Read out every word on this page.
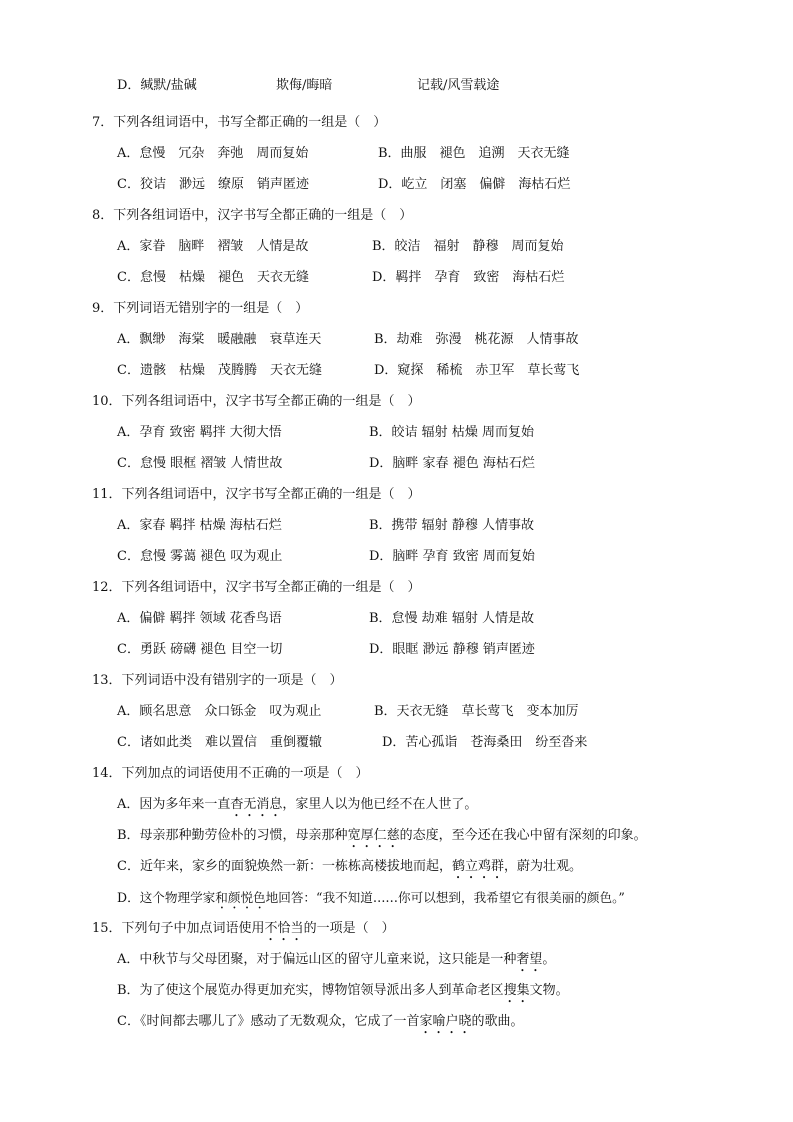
D．缄默/盐碱	欺侮/晦暗	记载/风雪载途
7．下列各组词语中，书写全都正确的一组是（　）
A．怠慢　冗杂　奔弛　周而复始	B．曲服　褪色　追溯　天衣无缝
C．狡诘　渺远　缭原　销声匿迹	D．屹立　闭塞　偏僻　海枯石烂
8．下列各组词语中，汉字书写全都正确的一组是（　）
A．家眷　脑畔　褶皱　人情是故	B．皎洁　福射　静穆　周而复始
C．怠慢　枯燥　褪色　天衣无缝	D．羁拌　孕育　致密　海枯石烂
9．下列词语无错别字的一组是（　）
A．飘缈　海棠　暖融融　衰草连天	B．劫难　弥漫　桃花源　人情事故
C．遗骸　枯燥　茂腾腾　天衣无缝	D．窥探　稀梳　赤卫军　草长莺飞
10．下列各组词语中，汉字书写全都正确的一组是（　）
A．孕育 致密 羁拌 大彻大悟	B．皎诘 辐射 枯燥 周而复始
C．怠慢 眼框 褶皱 人情世故	D．脑畔 家春 褪色 海枯石烂
11．下列各组词语中，汉字书写全都正确的一组是（　）
A．家春 羁拌 枯燥 海枯石烂	B．携带 辐射 静穆 人情事故
C．怠慢 雾蔼 褪色 叹为观止	D．脑畔 孕育 致密 周而复始
12．下列各组词语中，汉字书写全都正确的一组是（　）
A．偏僻 羁拌 领域 花香鸟语	B．怠慢 劫难 辐射 人情是故
C．勇跃 磅礴 褪色 目空一切	D．眼眶 渺远 静穆 销声匿迹
13．下列词语中没有错别字的一项是（　）
A．顾名思意　众口铄金　叹为观止	B．天衣无缝　草长莺飞　变本加厉
C．诸如此类　难以置信　重倒覆辙	D．苦心孤诣　苍海桑田　纷至沓来
14．下列加点的词语使用不正确的一项是（　）
A．因为多年来一直杳无消息，家里人以为他已经不在人世了。
B．母亲那种勤劳俭朴的习惯，母亲那种宽厚仁慈的态度，至今还在我心中留有深刻的印象。
C．近年来，家乡的面貌焕然一新：一栋栋高楼拔地而起，鹤立鸡群，蔚为壮观。
D．这个物理学家和颜悦色地回答：“我不知道……你可以想到，我希望它有很美丽的颜色。”
15．下列句子中加点词语使用不恰当的一项是（　）
A．中秋节与父母团聚，对于偏远山区的留守儿童来说，这只能是一种奢望。
B．为了使这个展览办得更加充实，博物馆领导派出多人到革命老区搜集文物。
C．《时间都去哪儿了》感动了无数观众，它成了一首家喻户晓的歌曲。
